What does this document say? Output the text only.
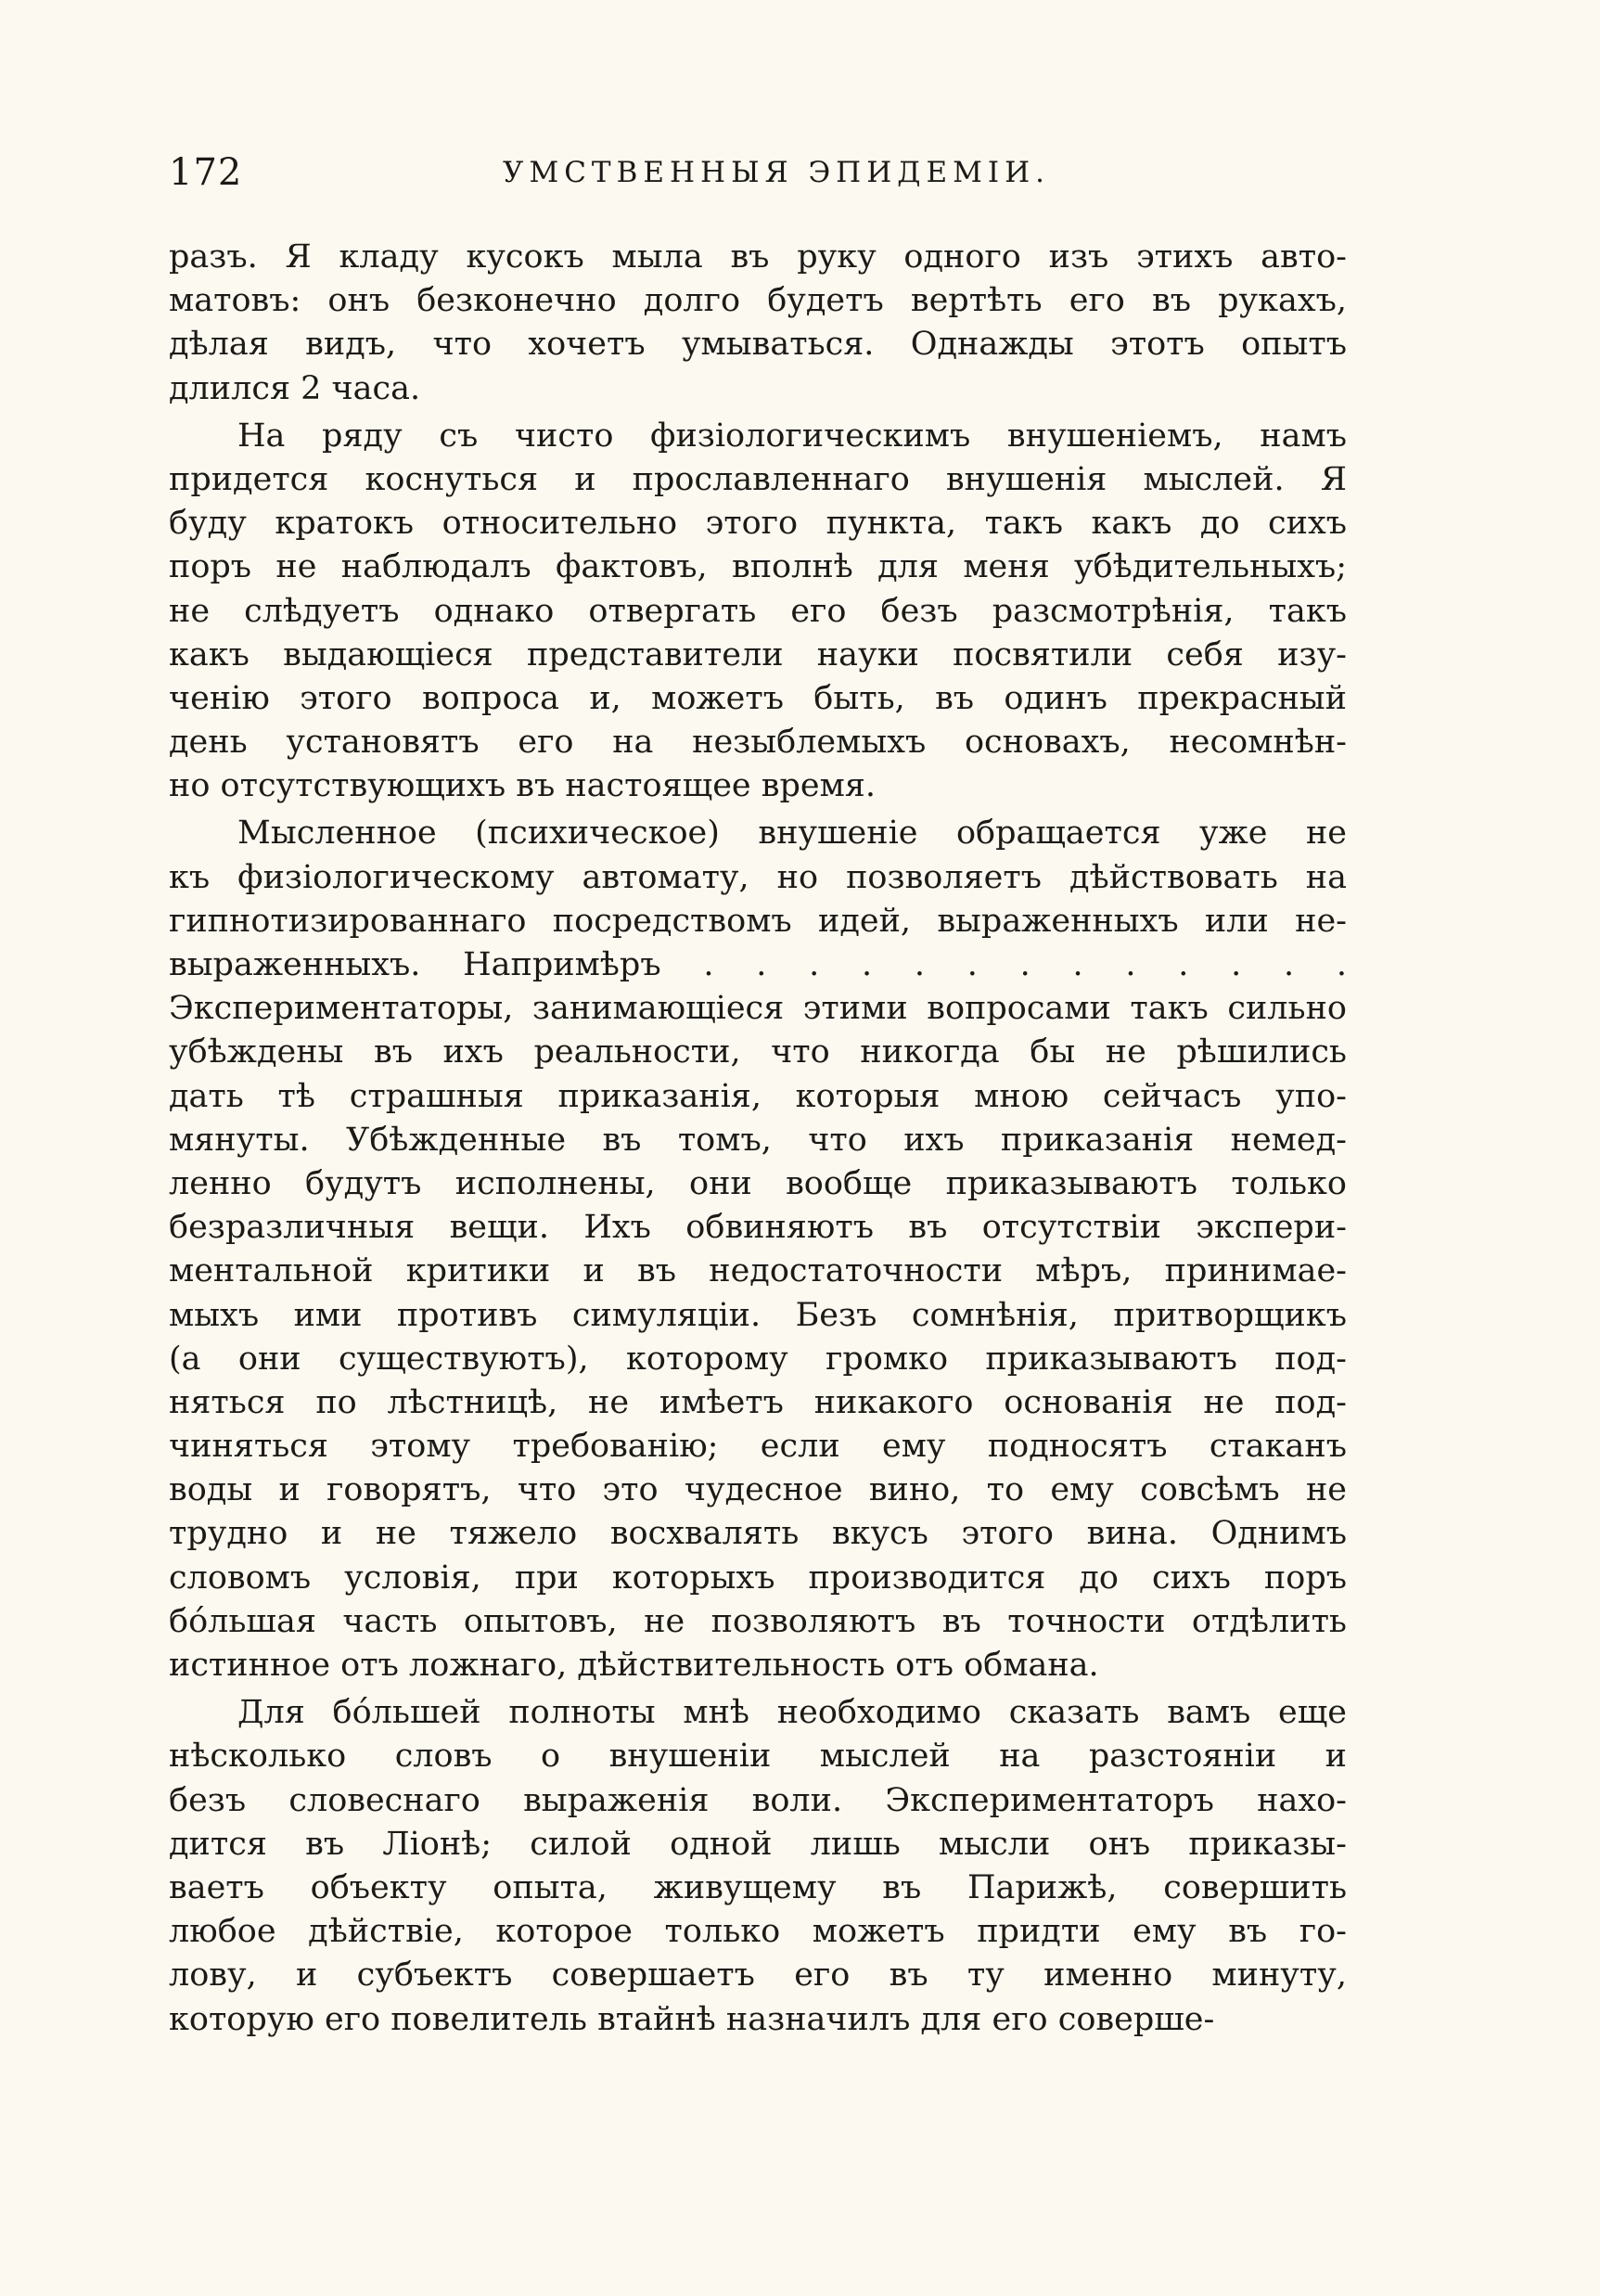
172	УМСТВЕННЫЯ ЭПИДЕМІИ.
разъ. Я кладу кусокъ мыла въ руку одного изъ этихъ авто-
матовъ: онъ безконечно долго будетъ вертѣть его въ рукахъ,
дѣлая видъ, что хочетъ умываться. Однажды этотъ опытъ
длился 2 часа.
На ряду съ чисто физіологическимъ внушеніемъ, намъ
придется коснуться и прославленнаго внушенія мыслей. Я
буду кратокъ относительно этого пункта, такъ какъ до сихъ
поръ не наблюдалъ фактовъ, вполнѣ для меня убѣдительныхъ;
не слѣдуетъ однако отвергать его безъ разсмотрѣнія, такъ
какъ выдающіеся представители науки посвятили себя изу-
ченію этого вопроса и, можетъ быть, въ одинъ прекрасный
день установятъ его на незыблемыхъ основахъ, несомнѣн-
но отсутствующихъ въ настоящее время.
Мысленное (психическое) внушеніе обращается уже не
къ физіологическому автомату, но позволяетъ дѣйствовать на
гипнотизированнаго посредствомъ идей, выраженныхъ или не-
выраженныхъ. Напримѣръ . . . . . . . . . . . . .
Экспериментаторы, занимающіеся этими вопросами такъ сильно
убѣждены въ ихъ реальности, что никогда бы не рѣшились
дать тѣ страшныя приказанія, которыя мною сейчасъ упо-
мянуты. Убѣжденные въ томъ, что ихъ приказанія немед-
ленно будутъ исполнены, они вообще приказываютъ только
безразличныя вещи. Ихъ обвиняютъ въ отсутствіи экспери-
ментальной критики и въ недостаточности мѣръ, принимае-
мыхъ ими противъ симуляціи. Безъ сомнѣнія, притворщикъ
(а они существуютъ), которому громко приказываютъ под-
няться по лѣстницѣ, не имѣетъ никакого основанія не под-
чиняться этому требованію; если ему подносятъ стаканъ
воды и говорятъ, что это чудесное вино, то ему совсѣмъ не
трудно и не тяжело восхвалять вкусъ этого вина. Однимъ
словомъ условія, при которыхъ производится до сихъ поръ
бо́льшая часть опытовъ, не позволяютъ въ точности отдѣлить
истинное отъ ложнаго, дѣйствительность отъ обмана.
Для бо́льшей полноты мнѣ необходимо сказать вамъ еще
нѣсколько словъ о внушеніи мыслей на разстояніи и
безъ словеснаго выраженія воли. Экспериментаторъ нахо-
дится въ Ліонѣ; силой одной лишь мысли онъ приказы-
ваетъ объекту опыта, живущему въ Парижѣ, совершить
любое дѣйствіе, которое только можетъ придти ему въ го-
лову, и субъектъ совершаетъ его въ ту именно минуту,
которую его повелитель втайнѣ назначилъ для его соверше-
